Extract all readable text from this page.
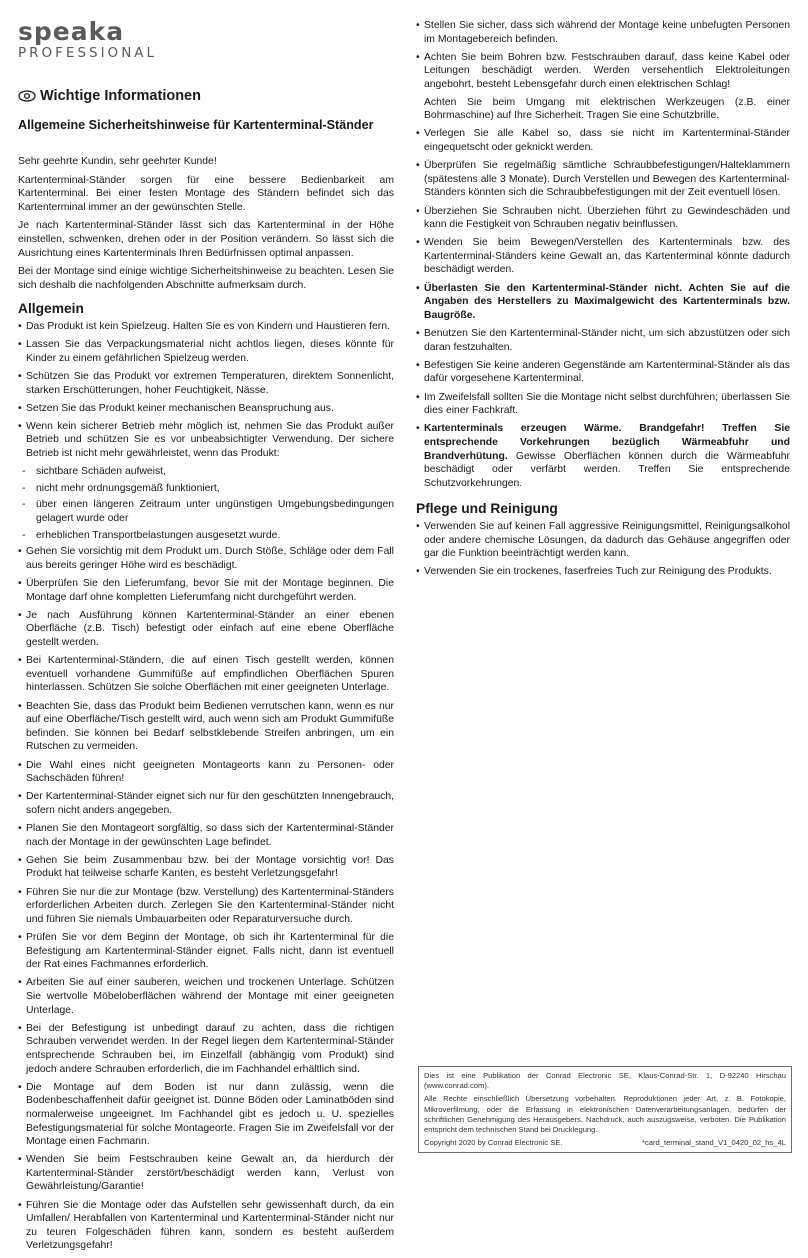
speaka
PROFESSIONAL
Wichtige Informationen
Allgemeine Sicherheitshinweise für Kartenterminal-Ständer

Sehr geehrte Kundin, sehr geehrter Kunde!

Kartenterminal-Ständer sorgen für eine bessere Bedienbarkeit am Kartenterminal. Bei einer festen Montage des Ständern befindet sich das Kartenterminal immer an der gewünschten Stelle.

Je nach Kartenterminal-Ständer lässt sich das Kartenterminal in der Höhe einstellen, schwenken, drehen oder in der Position verändern. So lässt sich die Ausrichtung eines Kartenterminals Ihren Bedürfnissen optimal anpassen.

Bei der Montage sind einige wichtige Sicherheitshinweise zu beachten. Lesen Sie sich deshalb die nachfolgenden Abschnitte aufmerksam durch.

Allgemein
• Das Produkt ist kein Spielzeug. Halten Sie es von Kindern und Haustieren fern.
• Lassen Sie das Verpackungsmaterial nicht achtlos liegen, dieses könnte für Kinder zu einem gefährlichen Spielzeug werden.
• Schützen Sie das Produkt vor extremen Temperaturen, direktem Sonnenlicht, starken Erschütterungen, hoher Feuchtigkeit, Nässe.
• Setzen Sie das Produkt keiner mechanischen Beanspruchung aus.
• Wenn kein sicherer Betrieb mehr möglich ist, nehmen Sie das Produkt außer Betrieb und schützen Sie es vor unbeabsichtigter Verwendung. Der sichere Betrieb ist nicht mehr gewährleistet, wenn das Produkt:
- sichtbare Schäden aufweist,
- nicht mehr ordnungsgemäß funktioniert,
- über einen längeren Zeitraum unter ungünstigen Umgebungsbedingungen gelagert wurde oder
- erheblichen Transportbelastungen ausgesetzt wurde.
• Gehen Sie vorsichtig mit dem Produkt um. Durch Stöße, Schläge oder dem Fall aus bereits geringer Höhe wird es beschädigt.
• Überprüfen Sie den Lieferumfang, bevor Sie mit der Montage beginnen. Die Montage darf ohne kompletten Lieferumfang nicht durchgeführt werden.
• Je nach Ausführung können Kartenterminal-Ständer an einer ebenen Oberfläche (z.B. Tisch) befestigt oder einfach auf eine ebene Oberfläche gestellt werden.
• Bei Kartenterminal-Ständern, die auf einen Tisch gestellt werden, können eventuell vorhandene Gummifüße auf empfindlichen Oberflächen Spuren hinterlassen. Schützen Sie solche Oberflächen mit einer geeigneten Unterlage.
• Beachten Sie, dass das Produkt beim Bedienen verrutschen kann, wenn es nur auf eine Oberfläche/Tisch gestellt wird, auch wenn sich am Produkt Gummifüße befinden. Sie können bei Bedarf selbstklebende Streifen anbringen, um ein Rutschen zu vermeiden.
• Die Wahl eines nicht geeigneten Montageorts kann zu Personen- oder Sachschäden führen!
• Der Kartenterminal-Ständer eignet sich nur für den geschützten Innengebrauch, sofern nicht anders angegeben.
• Planen Sie den Montageort sorgfältig, so dass sich der Kartenterminal-Ständer nach der Montage in der gewünschten Lage befindet.
• Gehen Sie beim Zusammenbau bzw. bei der Montage vorsichtig vor! Das Produkt hat teilweise scharfe Kanten, es besteht Verletzungsgefahr!
• Führen Sie nur die zur Montage (bzw. Verstellung) des Kartenterminal-Ständers erforderlichen Arbeiten durch. Zerlegen Sie den Kartenterminal-Ständer nicht und führen Sie niemals Umbauarbeiten oder Reparaturversuche durch.
• Prüfen Sie vor dem Beginn der Montage, ob sich ihr Kartenterminal für die Befestigung am Kartenterminal-Ständer eignet. Falls nicht, dann ist eventuell der Rat eines Fachmannes erforderlich.
• Arbeiten Sie auf einer sauberen, weichen und trockenen Unterlage. Schützen Sie wertvolle Möbeloberflächen während der Montage mit einer geeigneten Unterlage.
• Bei der Befestigung ist unbedingt darauf zu achten, dass die richtigen Schrauben verwendet werden. In der Regel liegen dem Kartenterminal-Ständer entsprechende Schrauben bei, im Einzelfall (abhängig vom Produkt) sind jedoch andere Schrauben erforderlich, die im Fachhandel erhältlich sind.
• Die Montage auf dem Boden ist nur dann zulässig, wenn die Bodenbeschaffenheit dafür geeignet ist. Dünne Böden oder Laminatböden sind normalerweise ungeeignet. Im Fachhandel gibt es jedoch u. U. spezielles Befestigungsmaterial für solche Montageorte. Fragen Sie im Zweifelsfall vor der Montage einen Fachmann.
• Wenden Sie beim Festschrauben keine Gewalt an, da hierdurch der Kartenterminal-Ständer zerstört/beschädigt werden kann, Verlust von Gewährleistung/Garantie!
• Führen Sie die Montage oder das Aufstellen sehr gewissenhaft durch, da ein Umfallen/ Herabfallen von Kartenterminal und Kartenterminal-Ständer nicht nur zu teuren Folgeschäden führen kann, sondern es besteht außerdem Verletzungsgefahr!
• Stellen Sie sicher, dass sich während der Montage keine unbefugten Personen im Montagebereich befinden.
• Achten Sie beim Bohren bzw. Festschrauben darauf, dass keine Kabel oder Leitungen beschädigt werden. Werden versehentlich Elektroleitungen angebohrt, besteht Lebensgefahr durch einen elektrischen Schlag!
Achten Sie beim Umgang mit elektrischen Werkzeugen (z.B. einer Bohrmaschine) auf Ihre Sicherheit. Tragen Sie eine Schutzbrille.
• Verlegen Sie alle Kabel so, dass sie nicht im Kartenterminal-Ständer eingequetscht oder geknickt werden.
• Überprüfen Sie regelmäßig sämtliche Schraubbefestigungen/Halteklammern (spätestens alle 3 Monate). Durch Verstellen und Bewegen des Kartenterminal-Ständers könnten sich die Schraubbefestigungen mit der Zeit eventuell lösen.
• Überziehen Sie Schrauben nicht. Überziehen führt zu Gewindeschäden und kann die Festigkeit von Schrauben negativ beinflussen.
• Wenden Sie beim Bewegen/Verstellen des Kartenterminals bzw. des Kartenterminal-Ständers keine Gewalt an, das Kartenterminal könnte dadurch beschädigt werden.
• Überlasten Sie den Kartenterminal-Ständer nicht. Achten Sie auf die Angaben des Herstellers zu Maximalgewicht des Kartenterminals bzw. Baugröße.
• Benutzen Sie den Kartenterminal-Ständer nicht, um sich abzustützen oder sich daran festzuhalten.
• Befestigen Sie keine anderen Gegenstände am Kartenterminal-Ständer als das dafür vorgesehene Kartenterminal.
• Im Zweifelsfall sollten Sie die Montage nicht selbst durchführen; überlassen Sie dies einer Fachkraft.
• Kartenterminals erzeugen Wärme. Brandgefahr! Treffen Sie entsprechende Vorkehrungen bezüglich Wärmeabfuhr und Brandverhütung. Gewisse Oberflächen können durch die Wärmeabfuhr beschädigt oder verfärbt werden. Treffen Sie entsprechende Schutzvorkehrungen.
Pflege und Reinigung
• Verwenden Sie auf keinen Fall aggressive Reinigungsmittel, Reinigungsalkohol oder andere chemische Lösungen, da dadurch das Gehäuse angegriffen oder gar die Funktion beeinträchtigt werden kann.
• Verwenden Sie ein trockenes, faserfreies Tuch zur Reinigung des Produkts.

Dies ist eine Publikation der Conrad Electronic SE, Klaus-Conrad-Str. 1, D-92240 Hirschau (www.conrad.com).

Alle Rechte einschließlich Übersetzung vorbehalten. Reproduktionen jeder Art, z. B. Fotokopie, Mikroverfilmung, oder die Erfassung in elektronischen Datenverarbeitungsanlagen, bedürfen der schriftlichen Genehmigung des Herausgebers. Nachdruck, auch auszugsweise, verboten. Die Publikation entspricht dem technischen Stand bei Drucklegung.

Copyright 2020 by Conrad Electronic SE.	*card_terminal_stand_V1_0420_02_hs_4L
